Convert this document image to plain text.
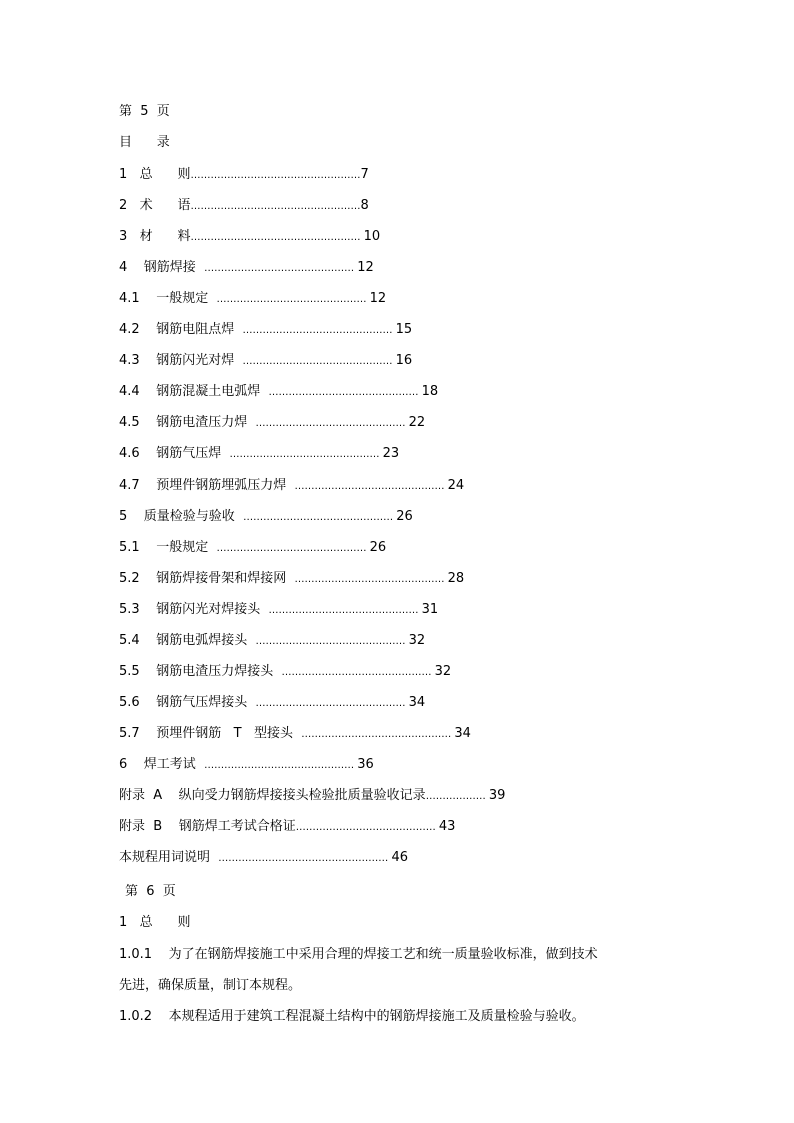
第  5  页
目      录
1   总      则……………………………………………7
2   术      语……………………………………………8
3   材      料…………………………………………… 10
4    钢筋焊接  ……………………………………… 12
4.1    一般规定  ……………………………………… 12
4.2    钢筋电阻点焊  ……………………………………… 15
4.3    钢筋闪光对焊  ……………………………………… 16
4.4    钢筋混凝土电弧焊  ……………………………………… 18
4.5    钢筋电渣压力焊  ……………………………………… 22
4.6    钢筋气压焊  ……………………………………… 23
4.7    预埋件钢筋埋弧压力焊  ……………………………………… 24
5    质量检验与验收  ……………………………………… 26
5.1    一般规定  ……………………………………… 26
5.2    钢筋焊接骨架和焊接网  ……………………………………… 28
5.3    钢筋闪光对焊接头  ……………………………………… 31
5.4    钢筋电弧焊接头  ……………………………………… 32
5.5    钢筋电渣压力焊接头  ……………………………………… 32
5.6    钢筋气压焊接头  ……………………………………… 34
5.7    预埋件钢筋   T   型接头  ……………………………………… 34
6    焊工考试  ……………………………………… 36
附录  A    纵向受力钢筋焊接接头检验批质量验收记录……………… 39
附录  B    钢筋焊工考试合格证…………………………………… 43
本规程用词说明  …………………………………………… 46
第  6  页
1   总      则
1.0.1    为了在钢筋焊接施工中采用合理的焊接工艺和统一质量验收标准，做到技术
先进，确保质量，制订本规程。
1.0.2    本规程适用于建筑工程混凝土结构中的钢筋焊接施工及质量检验与验收。
